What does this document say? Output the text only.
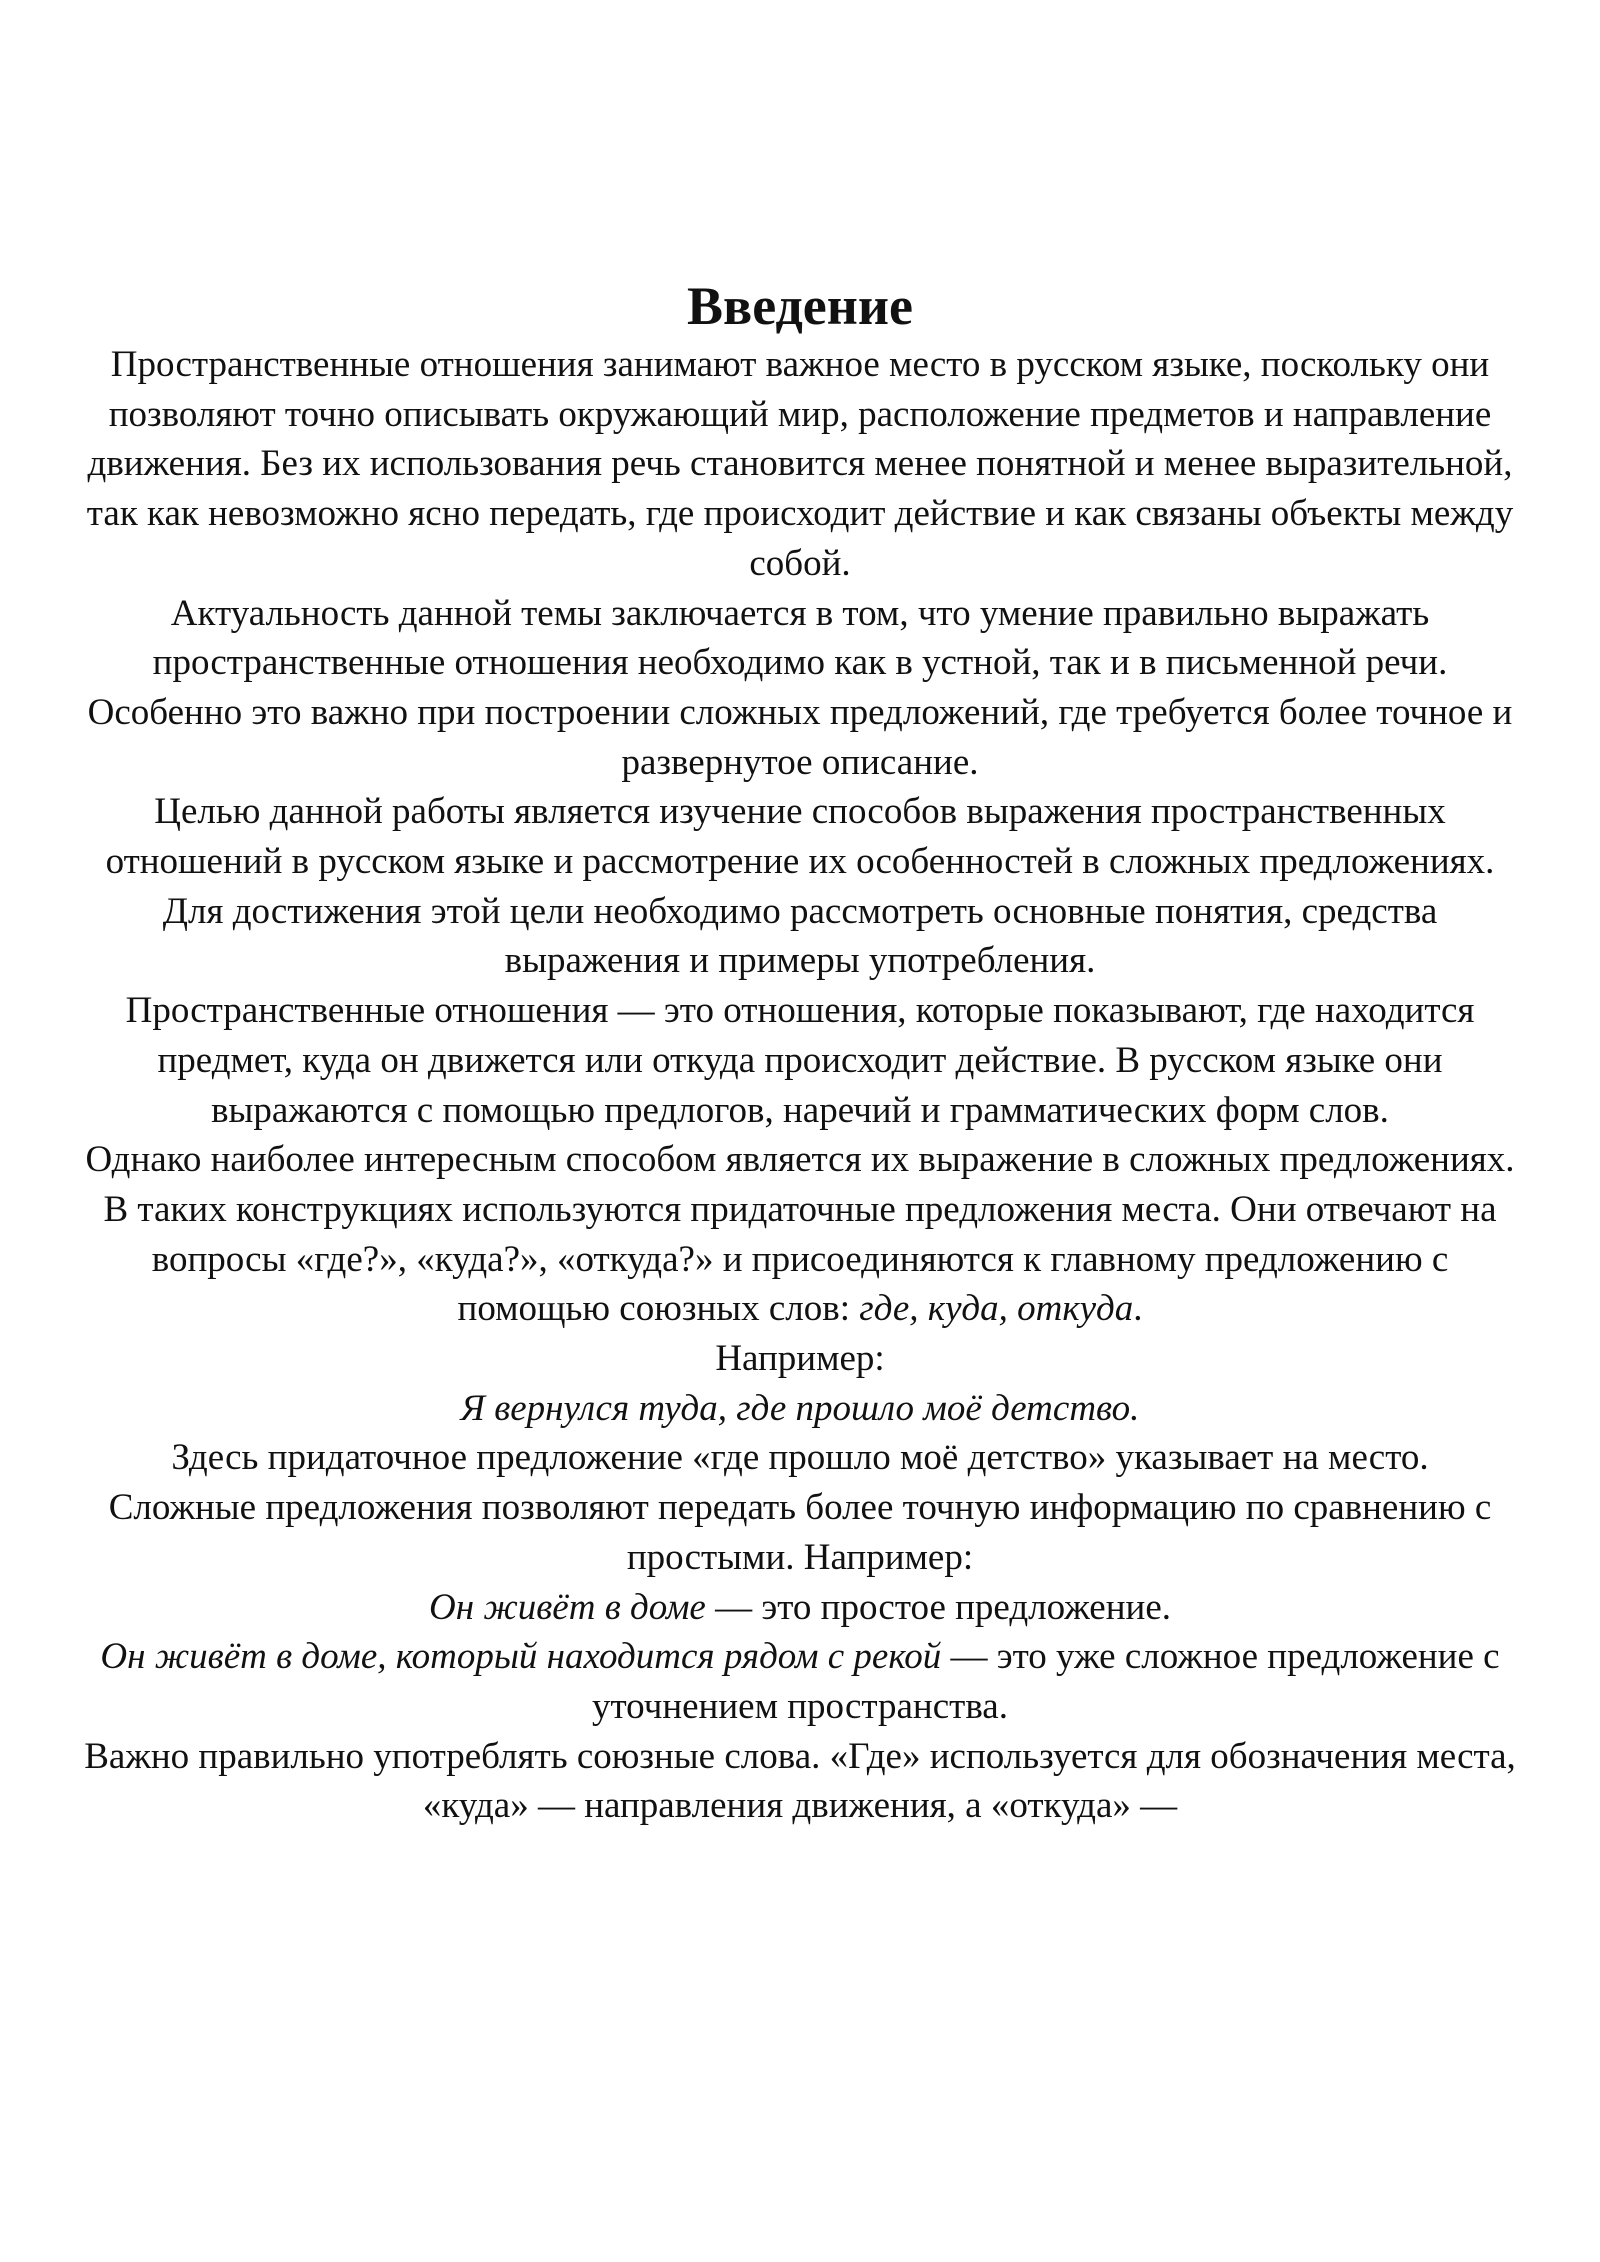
Введение

Пространственные отношения занимают важное место в русском языке, поскольку они позволяют точно описывать окружающий мир, расположение предметов и направление движения. Без их использования речь становится менее понятной и менее выразительной, так как невозможно ясно передать, где происходит действие и как связаны объекты между собой.

Актуальность данной темы заключается в том, что умение правильно выражать пространственные отношения необходимо как в устной, так и в письменной речи. Особенно это важно при построении сложных предложений, где требуется более точное и развернутое описание.

Целью данной работы является изучение способов выражения пространственных отношений в русском языке и рассмотрение их особенностей в сложных предложениях. Для достижения этой цели необходимо рассмотреть основные понятия, средства выражения и примеры употребления.

Пространственные отношения — это отношения, которые показывают, где находится предмет, куда он движется или откуда происходит действие. В русском языке они выражаются с помощью предлогов, наречий и грамматических форм слов.

Однако наиболее интересным способом является их выражение в сложных предложениях. В таких конструкциях используются придаточные предложения места. Они отвечают на вопросы «где?», «куда?», «откуда?» и присоединяются к главному предложению с помощью союзных слов: где, куда, откуда.

Например:

Я вернулся туда, где прошло моё детство.

Здесь придаточное предложение «где прошло моё детство» указывает на место.

Сложные предложения позволяют передать более точную информацию по сравнению с простыми. Например:

Он живёт в доме — это простое предложение.

Он живёт в доме, который находится рядом с рекой — это уже сложное предложение с уточнением пространства.

Важно правильно употреблять союзные слова. «Где» используется для обозначения места, «куда» — направления движения, а «откуда» —
